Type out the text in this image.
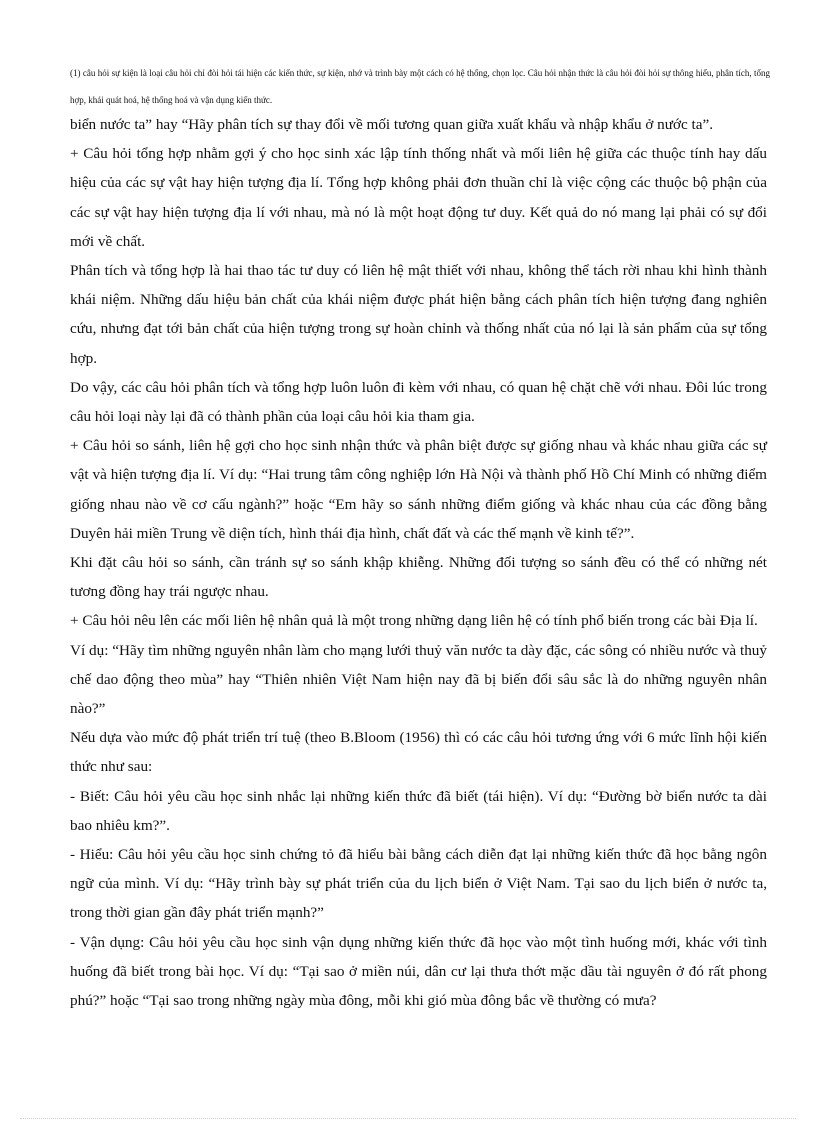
(1) câu hỏi sự kiện là loại câu hỏi chỉ đòi hỏi tái hiện các kiến thức, sự kiện, nhớ và trình bày một cách có hệ thống, chọn lọc. Câu hỏi nhận thức là câu hỏi đòi hỏi sự thông hiểu, phân tích, tổng hợp, khái quát hoá, hệ thống hoá và vận dụng kiến thức.

biển nước ta” hay “Hãy phân tích sự thay đổi về mối tương quan giữa xuất khẩu và nhập khẩu ở nước ta”.

+ Câu hỏi tổng hợp nhằm gợi ý cho học sinh xác lập tính thống nhất và mối liên hệ giữa các thuộc tính hay dấu hiệu của các sự vật hay hiện tượng địa lí. Tổng hợp không phải đơn thuần chỉ là việc cộng các thuộc bộ phận của các sự vật hay hiện tượng địa lí với nhau, mà nó là một hoạt động tư duy. Kết quả do nó mang lại phải có sự đổi mới về chất.

Phân tích và tổng hợp là hai thao tác tư duy có liên hệ mật thiết với nhau, không thể tách rời nhau khi hình thành khái niệm. Những dấu hiệu bản chất của khái niệm được phát hiện bằng cách phân tích hiện tượng đang nghiên cứu, nhưng đạt tới bản chất của hiện tượng trong sự hoàn chỉnh và thống nhất của nó lại là sản phẩm của sự tổng hợp.

Do vậy, các câu hỏi phân tích và tổng hợp luôn luôn đi kèm với nhau, có quan hệ chặt chẽ với nhau. Đôi lúc trong câu hỏi loại này lại đã có thành phần của loại câu hỏi kia tham gia.

+ Câu hỏi so sánh, liên hệ gợi cho học sinh nhận thức và phân biệt được sự giống nhau và khác nhau giữa các sự vật và hiện tượng địa lí. Ví dụ: “Hai trung tâm công nghiệp lớn Hà Nội và thành phố Hồ Chí Minh có những điểm giống nhau nào về cơ cấu ngành?” hoặc “Em hãy so sánh những điểm giống và khác nhau của các đồng bằng Duyên hải miền Trung về diện tích, hình thái địa hình, chất đất và các thế mạnh về kinh tế?”.

Khi đặt câu hỏi so sánh, cần tránh sự so sánh khập khiễng. Những đối tượng so sánh đều có thể có những nét tương đồng hay trái ngược nhau.

+ Câu hỏi nêu lên các mối liên hệ nhân quả là một trong những dạng liên hệ có tính phổ biến trong các bài Địa lí.

Ví dụ: “Hãy tìm những nguyên nhân làm cho mạng lưới thuỷ văn nước ta dày đặc, các sông có nhiều nước và thuỷ chế dao động theo mùa” hay “Thiên nhiên Việt Nam hiện nay đã bị biến đổi sâu sắc là do những nguyên nhân nào?”

Nếu dựa vào mức độ phát triển trí tuệ (theo B.Bloom (1956) thì có các câu hỏi tương ứng với 6 mức lĩnh hội kiến thức như sau:

- Biết: Câu hỏi yêu cầu học sinh nhắc lại những kiến thức đã biết (tái hiện). Ví dụ: “Đường bờ biển nước ta dài bao nhiêu km?”.

- Hiểu: Câu hỏi yêu cầu học sinh chứng tỏ đã hiểu bài bằng cách diễn đạt lại những kiến thức đã học bằng ngôn ngữ của mình. Ví dụ: “Hãy trình bày sự phát triển của du lịch biển ở Việt Nam. Tại sao du lịch biển ở nước ta, trong thời gian gần đây phát triển mạnh?”

- Vận dụng: Câu hỏi yêu cầu học sinh vận dụng những kiến thức đã học vào một tình huống mới, khác với tình huống đã biết trong bài học. Ví dụ: “Tại sao ở miền núi, dân cư lại thưa thớt mặc dầu tài nguyên ở đó rất phong phú?” hoặc “Tại sao trong những ngày mùa đông, mỗi khi gió mùa đông bắc về thường có mưa?
